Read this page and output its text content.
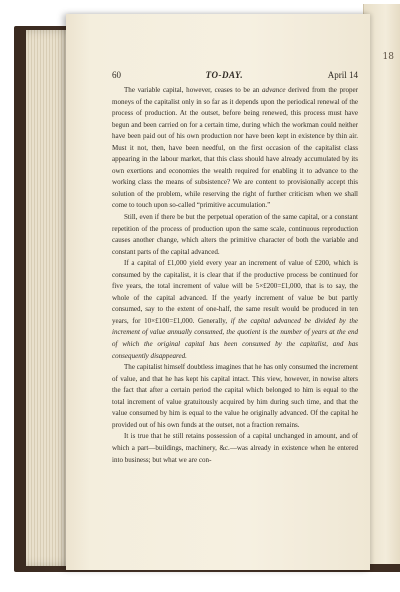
18
60	TO-DAY.	April 14

The variable capital, however, ceases to be an advance derived from the proper moneys of the capitalist only in so far as it depends upon the periodical renewal of the process of production. At the outset, before being renewed, this process must have begun and been carried on for a certain time, during which the workman could neither have been paid out of his own production nor have been kept in existence by thin air. Must it not, then, have been needful, on the first occasion of the capitalist class appearing in the labour market, that this class should have already accumulated by its own exertions and economies the wealth required for enabling it to advance to the working class the means of subsistence? We are content to provisionally accept this solution of the problem, while reserving the right of further criticism when we shall come to touch upon so-called “primitive accumulation.”

Still, even if there be but the perpetual operation of the same capital, or a constant repetition of the process of production upon the same scale, continuous reproduction causes another change, which alters the primitive character of both the variable and constant parts of the capital advanced.

If a capital of £1,000 yield every year an increment of value of £200, which is consumed by the capitalist, it is clear that if the productive process be continued for five years, the total increment of value will be 5×£200=£1,000, that is to say, the whole of the capital advanced. If the yearly increment of value be but partly consumed, say to the extent of one-half, the same result would be produced in ten years, for 10×£100=£1,000. Generally, if the capital advanced be divided by the increment of value annually consumed, the quotient is the number of years at the end of which the original capital has been consumed by the capitalist, and has consequently disappeared.

The capitalist himself doubtless imagines that he has only consumed the increment of value, and that he has kept his capital intact. This view, however, in nowise alters the fact that after a certain period the capital which belonged to him is equal to the total increment of value gratuitously acquired by him during such time, and that the value consumed by him is equal to the value he originally advanced. Of the capital he provided out of his own funds at the outset, not a fraction remains.

It is true that he still retains possession of a capital unchanged in amount, and of which a part—buildings, machinery, &c.—was already in existence when he entered into business; but what we are con-
